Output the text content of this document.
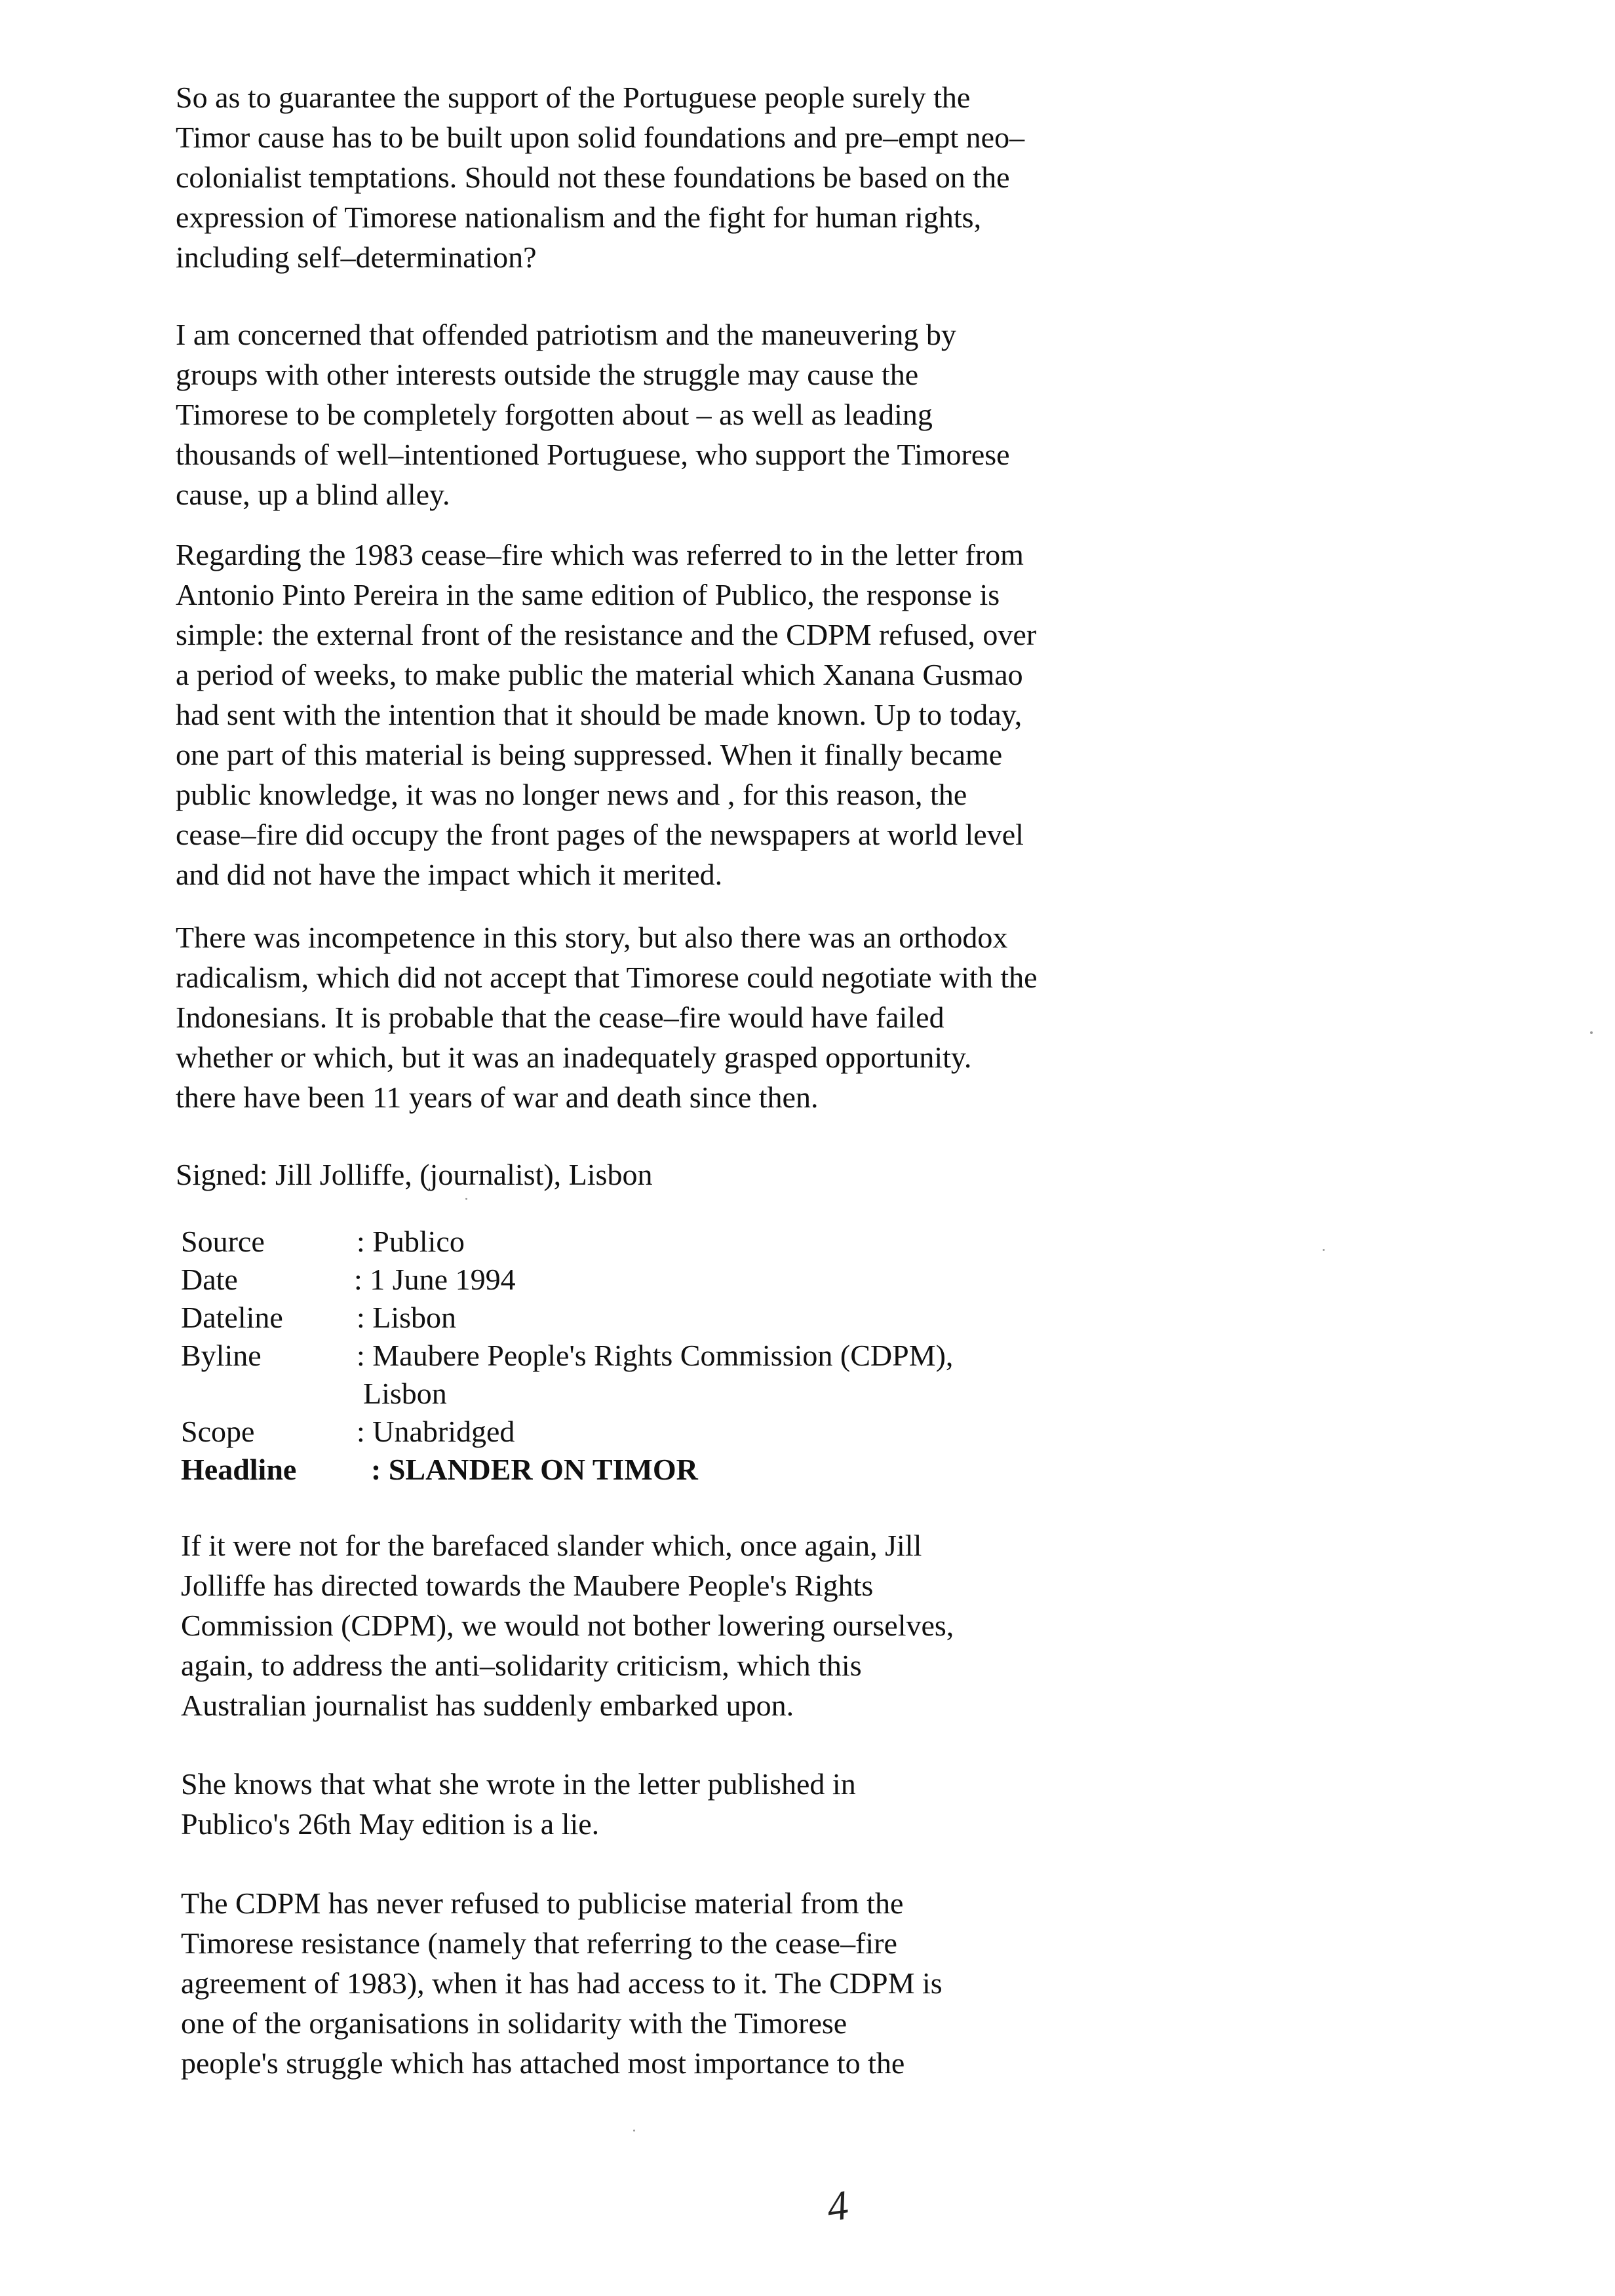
So as to guarantee the support of the Portuguese people surely the
Timor cause has to be built upon solid foundations and pre–empt neo–
colonialist temptations. Should not these foundations be based on the
expression of Timorese nationalism and the fight for human rights,
including self–determination?
I am concerned that offended patriotism and the maneuvering by
groups with other interests outside the struggle may cause the
Timorese to be completely forgotten about – as well as leading
thousands of well–intentioned Portuguese, who support the Timorese
cause, up a blind alley.
Regarding the 1983 cease–fire which was referred to in the letter from
Antonio Pinto Pereira in the same edition of Publico, the response is
simple: the external front of the resistance and the CDPM refused, over
a period of weeks, to make public the material which Xanana Gusmao
had sent with the intention that it should be made known. Up to today,
one part of this material is being suppressed. When it finally became
public knowledge, it was no longer news and , for this reason, the
cease–fire did occupy the front pages of the newspapers at world level
and did not have the impact which it merited.
There was incompetence in this story, but also there was an orthodox
radicalism, which did not accept that Timorese could negotiate with the
Indonesians. It is probable that the cease–fire would have failed
whether or which, but it was an inadequately grasped opportunity.
there have been 11 years of war and death since then.
Signed: Jill Jolliffe, (journalist), Lisbon
Source	: Publico
Date	: 1 June 1994
Dateline : Lisbon
Byline	: Maubere People's Rights Commission (CDPM),
Lisbon
Scope	: Unabridged
Headline : SLANDER ON TIMOR
If it were not for the barefaced slander which, once again, Jill
Jolliffe has directed towards the Maubere People's Rights
Commission (CDPM), we would not bother lowering ourselves,
again, to address the anti–solidarity criticism, which this
Australian journalist has suddenly embarked upon.
She knows that what she wrote in the letter published in
Publico's 26th May edition is a lie.
The CDPM has never refused to publicise material from the
Timorese resistance (namely that referring to the cease–fire
agreement of 1983), when it has had access to it. The CDPM is
one of the organisations in solidarity with the Timorese
people's struggle which has attached most importance to the
4
